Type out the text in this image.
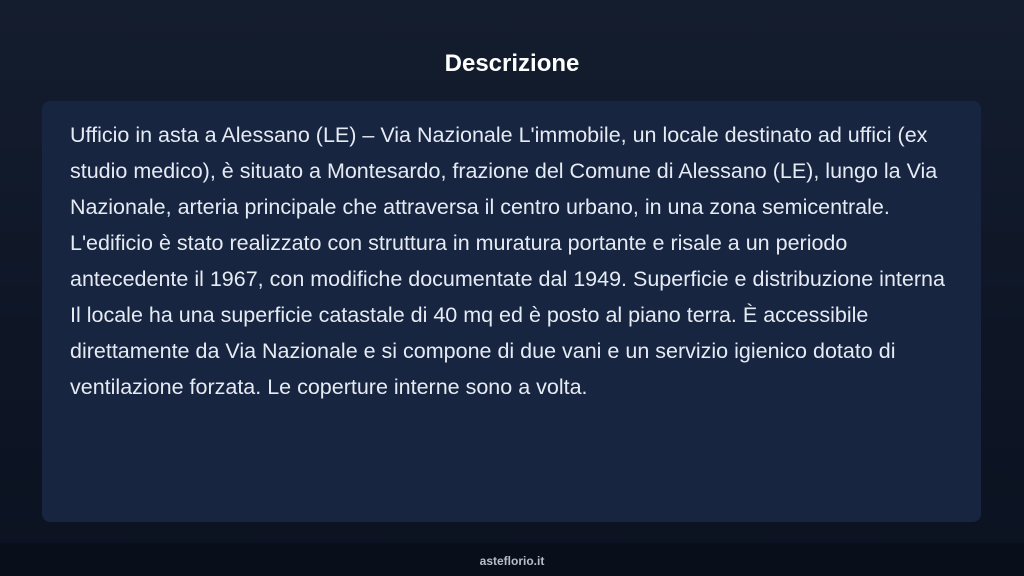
Descrizione

Ufficio in asta a Alessano (LE) – Via Nazionale L'immobile, un locale destinato ad uffici (ex studio medico), è situato a Montesardo, frazione del Comune di Alessano (LE), lungo la Via Nazionale, arteria principale che attraversa il centro urbano, in una zona semicentrale. L'edificio è stato realizzato con struttura in muratura portante e risale a un periodo antecedente il 1967, con modifiche documentate dal 1949. Superficie e distribuzione interna Il locale ha una superficie catastale di 40 mq ed è posto al piano terra. È accessibile direttamente da Via Nazionale e si compone di due vani e un servizio igienico dotato di ventilazione forzata. Le coperture interne sono a volta.

asteflorio.it
